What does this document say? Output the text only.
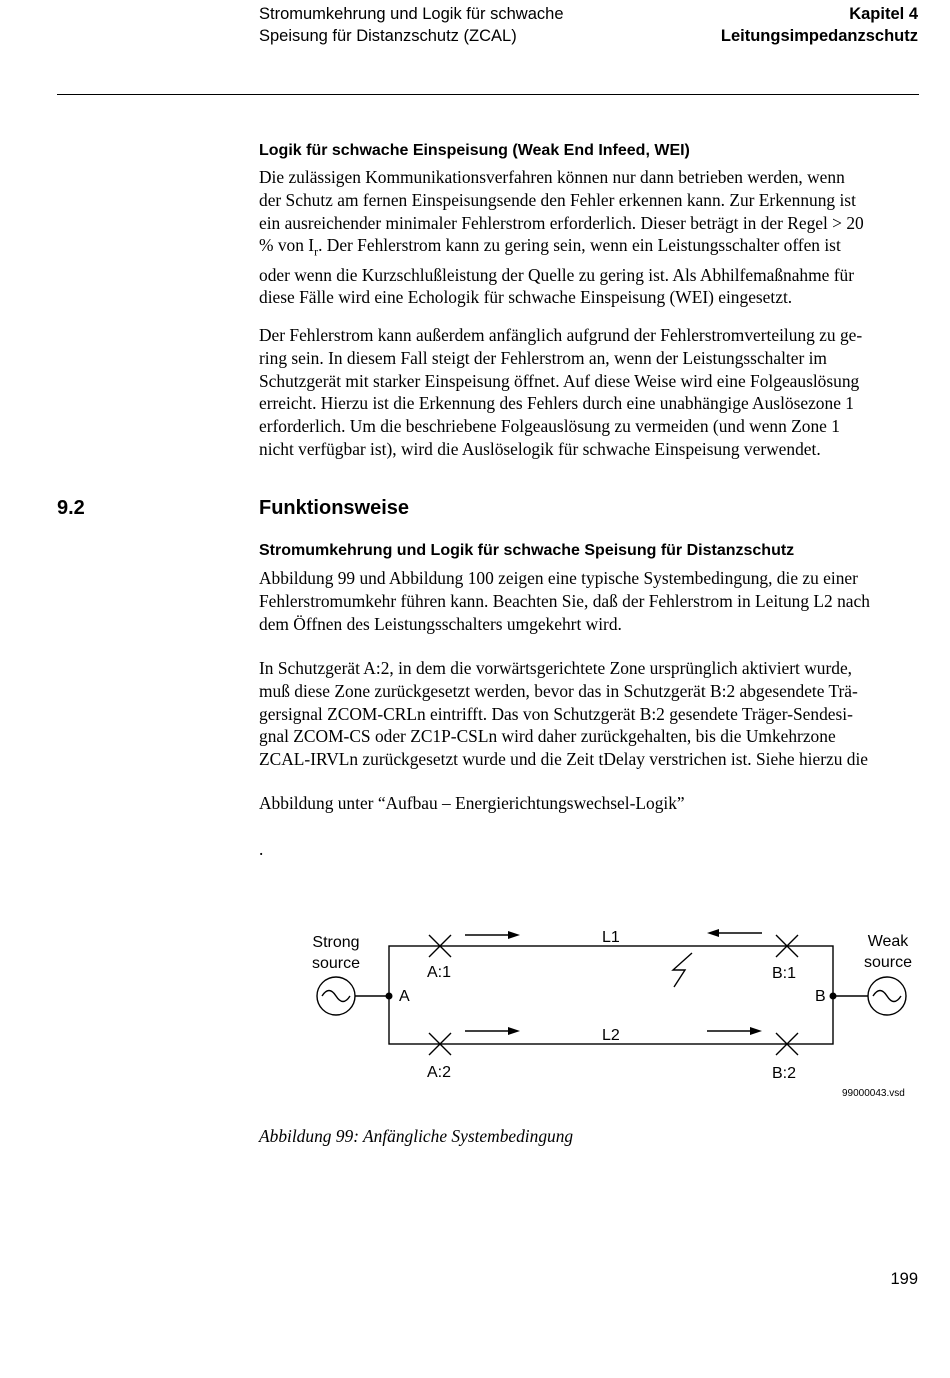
Stromumkehrung und Logik für schwache
Speisung für Distanzschutz (ZCAL)
Kapitel 4
Leitungsimpedanzschutz
Logik für schwache Einspeisung (Weak End Infeed, WEI)
Die zulässigen Kommunikationsverfahren können nur dann betrieben werden, wenn
der Schutz am fernen Einspeisungsende den Fehler erkennen kann. Zur Erkennung ist
ein ausreichender minimaler Fehlerstrom erforderlich. Dieser beträgt in der Regel > 20
% von $I_r$. Der Fehlerstrom kann zu gering sein, wenn ein Leistungsschalter offen ist
oder wenn die Kurzschlußleistung der Quelle zu gering ist. Als Abhilfemaßnahme für
diese Fälle wird eine Echologik für schwache Einspeisung (WEI) eingesetzt.
Der Fehlerstrom kann außerdem anfänglich aufgrund der Fehlerstromverteilung zu ge-
ring sein. In diesem Fall steigt der Fehlerstrom an, wenn der Leistungsschalter im
Schutzgerät mit starker Einspeisung öffnet. Auf diese Weise wird eine Folgeauslösung
erreicht. Hierzu ist die Erkennung des Fehlers durch eine unabhängige Auslösezone 1
erforderlich. Um die beschriebene Folgeauslösung zu vermeiden (und wenn Zone 1
nicht verfügbar ist), wird die Auslöselogik für schwache Einspeisung verwendet.
9.2	Funktionsweise
Stromumkehrung und Logik für schwache Speisung für Distanzschutz
Abbildung 99 und Abbildung 100 zeigen eine typische Systembedingung, die zu einer
Fehlerstromumkehr führen kann. Beachten Sie, daß der Fehlerstrom in Leitung L2 nach
dem Öffnen des Leistungsschalters umgekehrt wird.
In Schutzgerät A:2, in dem die vorwärtsgerichtete Zone ursprünglich aktiviert wurde,
muß diese Zone zurückgesetzt werden, bevor das in Schutzgerät B:2 abgesendete Trä-
gersignal ZCOM-CRLn eintrifft. Das von Schutzgerät B:2 gesendete Träger-Sendesi-
gnal ZCOM-CS oder ZC1P-CSLn wird daher zurückgehalten, bis die Umkehrzone
ZCAL-IRVLn zurückgesetzt wurde und die Zeit tDelay verstrichen ist. Siehe hierzu die
Abbildung unter “Aufbau – Energierichtungswechsel-Logik”
.
Strong
source
Weak
source
A	B
L1
L2
A:1
A:2
B:1
B:2
99000043.vsd
Abbildung 99: Anfängliche Systembedingung
199
